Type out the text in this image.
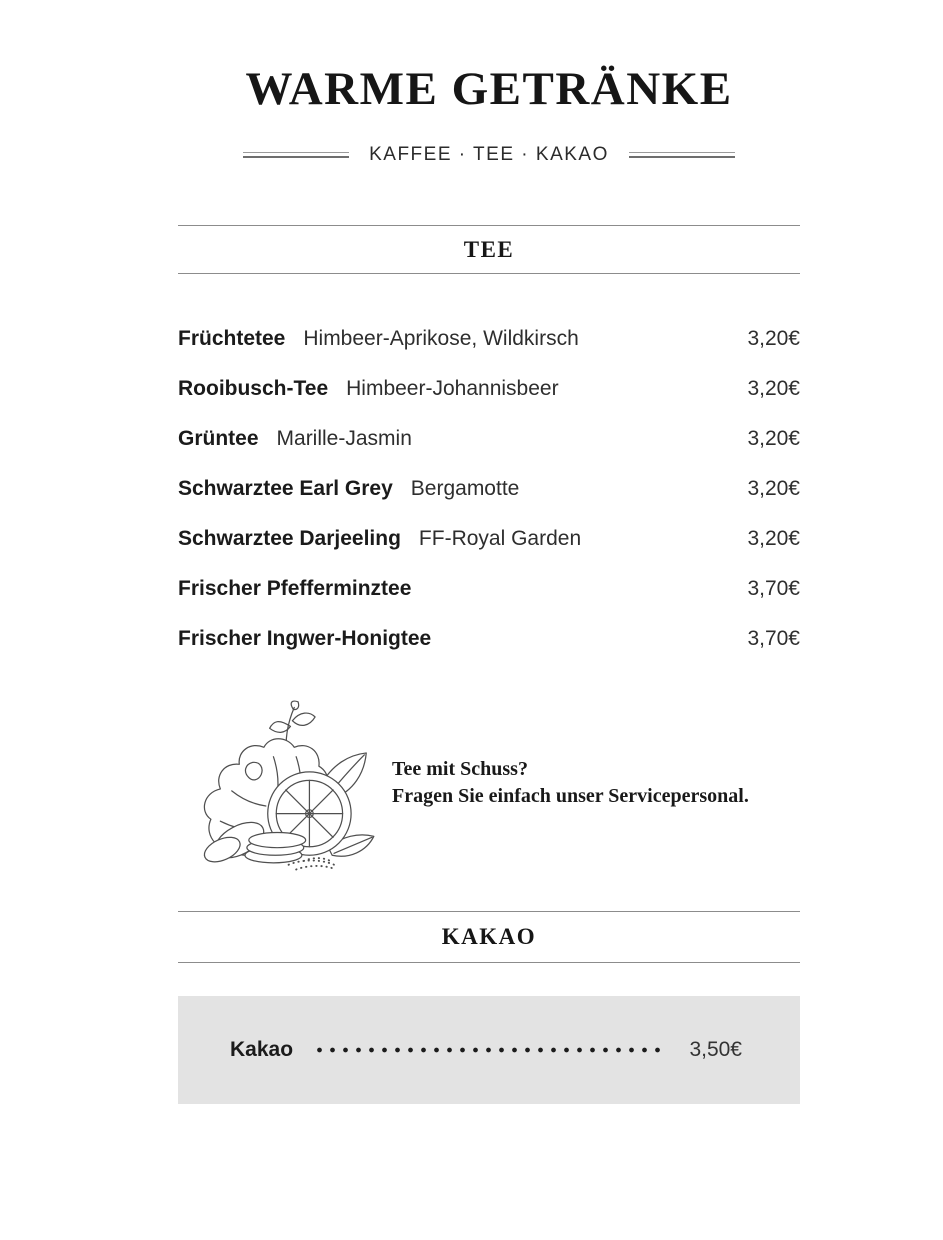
WARME GETRÄNKE
KAFFEE · TEE · KAKAO
TEE
Früchtetee Himbeer-Aprikose, Wildkirsch	3,20€
Rooibusch-Tee Himbeer-Johannisbeer	3,20€
Grüntee Marille-Jasmin	3,20€
Schwarztee Earl Grey Bergamotte	3,20€
Schwarztee Darjeeling FF-Royal Garden	3,20€
Frischer Pfefferminztee	3,70€
Frischer Ingwer-Honigtee	3,70€
Tee mit Schuss?
Fragen Sie einfach unser Servicepersonal.
KAKAO
Kakao	3,50€
